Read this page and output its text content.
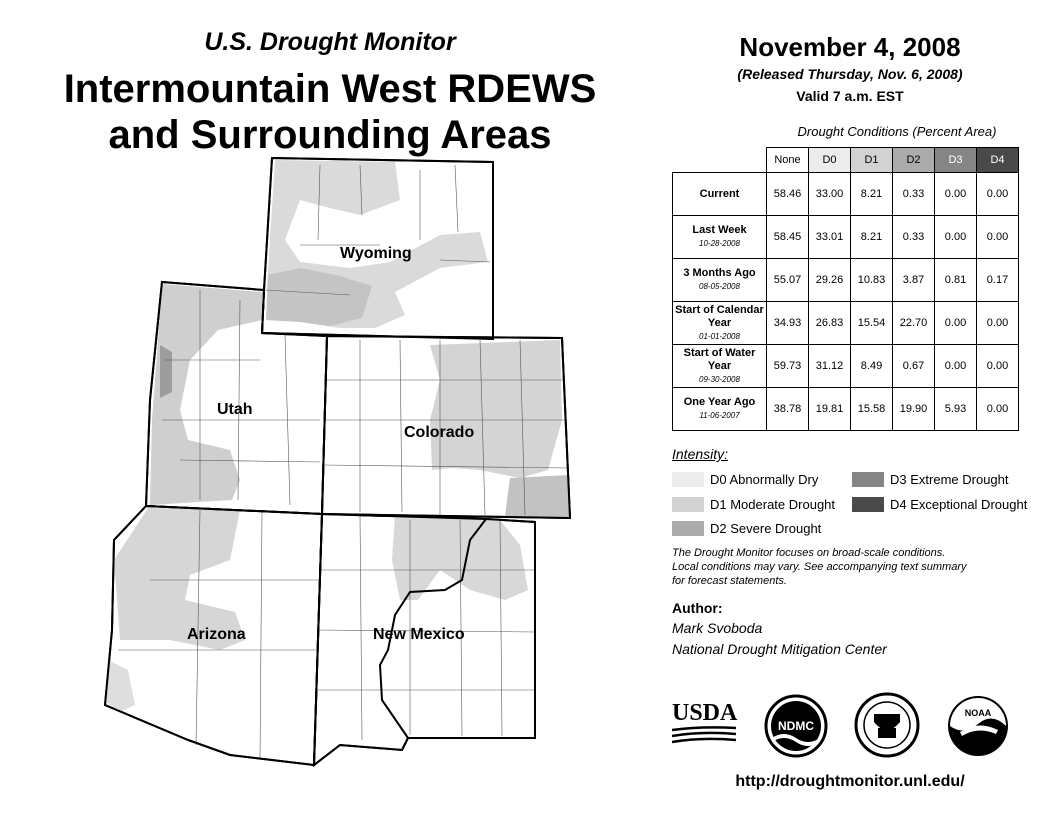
U.S. Drought Monitor
Intermountain West RDEWS
and Surrounding Areas
November 4, 2008
(Released Thursday, Nov. 6, 2008)
Valid 7 a.m. EST
Wyoming
Utah
Colorado
Arizona	New Mexico
Drought Conditions (Percent Area)
	None	D0	D1	D2	D3	D4
Current	58.46	33.00	8.21	0.33	0.00	0.00
Last Week
10-28-2008	58.45	33.01	8.21	0.33	0.00	0.00
3 Months Ago
08-05-2008	55.07	29.26	10.83	3.87	0.81	0.17
Start of Calendar Year
01-01-2008	34.93	26.83	15.54	22.70	0.00	0.00
Start of Water Year
09-30-2008	59.73	31.12	8.49	0.67	0.00	0.00
One Year Ago
11-06-2007	38.78	19.81	15.58	19.90	5.93	0.00
Intensity:
D0 Abnormally Dry
D1 Moderate Drought
D2 Severe Drought
D3 Extreme Drought
D4 Exceptional Drought
The Drought Monitor focuses on broad-scale conditions.
Local conditions may vary. See accompanying text summary
for forecast statements.
Author:
Mark Svoboda
National Drought Mitigation Center
USDA	NDMC
NOAA
http://droughtmonitor.unl.edu/
